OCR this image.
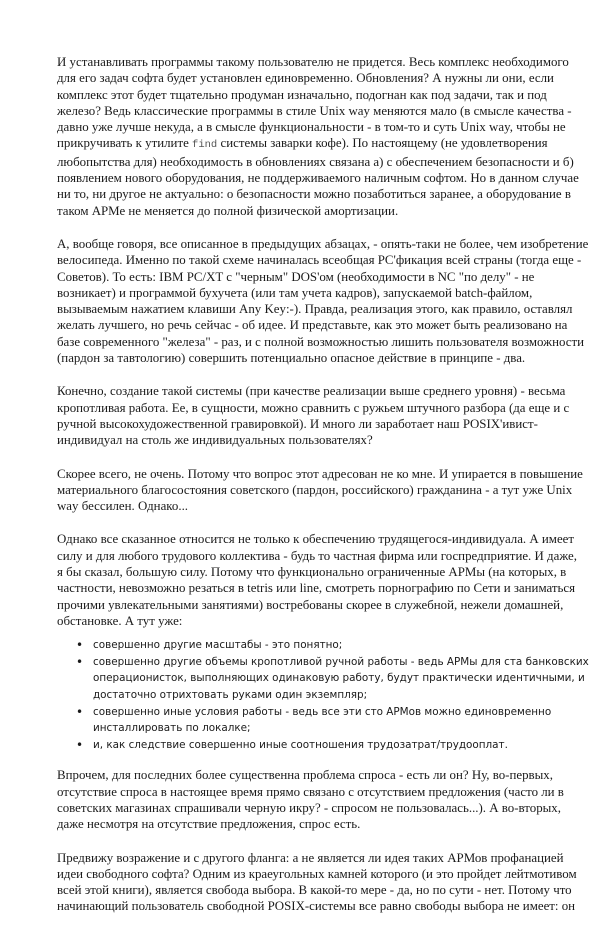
И устанавливать программы такому пользователю не придется. Весь комплекс необходимого
для его задач софта будет установлен единовременно. Обновления? А нужны ли они, если
комплекс этот будет тщательно продуман изначально, подогнан как под задачи, так и под
железо? Ведь классические программы в стиле Unix way меняются мало (в смысле качества -
давно уже лучше некуда, а в смысле функциональности - в том-то и суть Unix way, чтобы не
прикручивать к утилите find системы заварки кофе). По настоящему (не удовлетворения
любопытства для) необходимость в обновлениях связана а) с обеспечением безопасности и б)
появлением нового оборудования, не поддерживаемого наличным софтом. Но в данном случае
ни то, ни другое не актуально: о безопасности можно позаботиться заранее, а оборудование в
таком АРМе не меняется до полной физической амортизации.

А, вообще говоря, все описанное в предыдущих абзацах, - опять-таки не более, чем изобретение
велосипеда. Именно по такой схеме начиналась всеобщая PC'фикация всей страны (тогда еще -
Советов). То есть: IBM PC/XT с "черным" DOS'ом (необходимости в NC "по делу" - не
возникает) и программой бухучета (или там учета кадров), запускаемой batch-файлом,
вызываемым нажатием клавиши Any Key:-). Правда, реализация этого, как правило, оставлял
желать лучшего, но речь сейчас - об идее. И представьте, как это может быть реализовано на
базе современного "железа" - раз, и с полной возможностью лишить пользователя возможности
(пардон за тавтологию) совершить потенциально опасное действие в принципе - два.

Конечно, создание такой системы (при качестве реализации выше среднего уровня) - весьма
кропотливая работа. Ее, в сущности, можно сравнить с ружьем штучного разбора (да еще и с
ручной высокохудожественной гравировкой). И много ли заработает наш POSIX'ивист-
индивидуал на столь же индивидуальных пользователях?

Скорее всего, не очень. Потому что вопрос этот адресован не ко мне. И упирается в повышение
материального благосостояния советского (пардон, российского) гражданина - а тут уже Unix
way бессилен. Однако...

Однако все сказанное относится не только к обеспечению трудящегося-индивидуала. А имеет
силу и для любого трудового коллектива - будь то частная фирма или госпредприятие. И даже,
я бы сказал, большую силу. Потому что функционально ограниченные АРМы (на которых, в
частности, невозможно резаться в tetris или line, смотреть порнографию по Сети и заниматься
прочими увлекательными занятиями) востребованы скорее в служебной, нежели домашней,
обстановке. А тут уже:

• совершенно другие масштабы - это понятно;
• совершенно другие объемы кропотливой ручной работы - ведь АРМы для ста банковских
операционисток, выполняющих одинаковую работу, будут практически идентичными, и
достаточно отрихтовать руками один экземпляр;
• совершенно иные условия работы - ведь все эти сто АРМов можно единовременно
инсталлировать по локалке;
• и, как следствие совершенно иные соотношения трудозатрат/трудооплат.

Впрочем, для последних более существенна проблема спроса - есть ли он? Ну, во-первых,
отсутствие спроса в настоящее время прямо связано с отсутствием предложения (часто ли в
советских магазинах спрашивали черную икру? - спросом не пользовалась...). А во-вторых,
даже несмотря на отсутствие предложения, спрос есть.

Предвижу возражение и с другого фланга: а не является ли идея таких АРМов профанацией
идеи свободного софта? Одним из краеугольных камней которого (и это пройдет лейтмотивом
всей этой книги), является свобода выбора. В какой-то мере - да, но по сути - нет. Потому что
начинающий пользователь свободной POSIX-системы все равно свободы выбора не имеет: он
